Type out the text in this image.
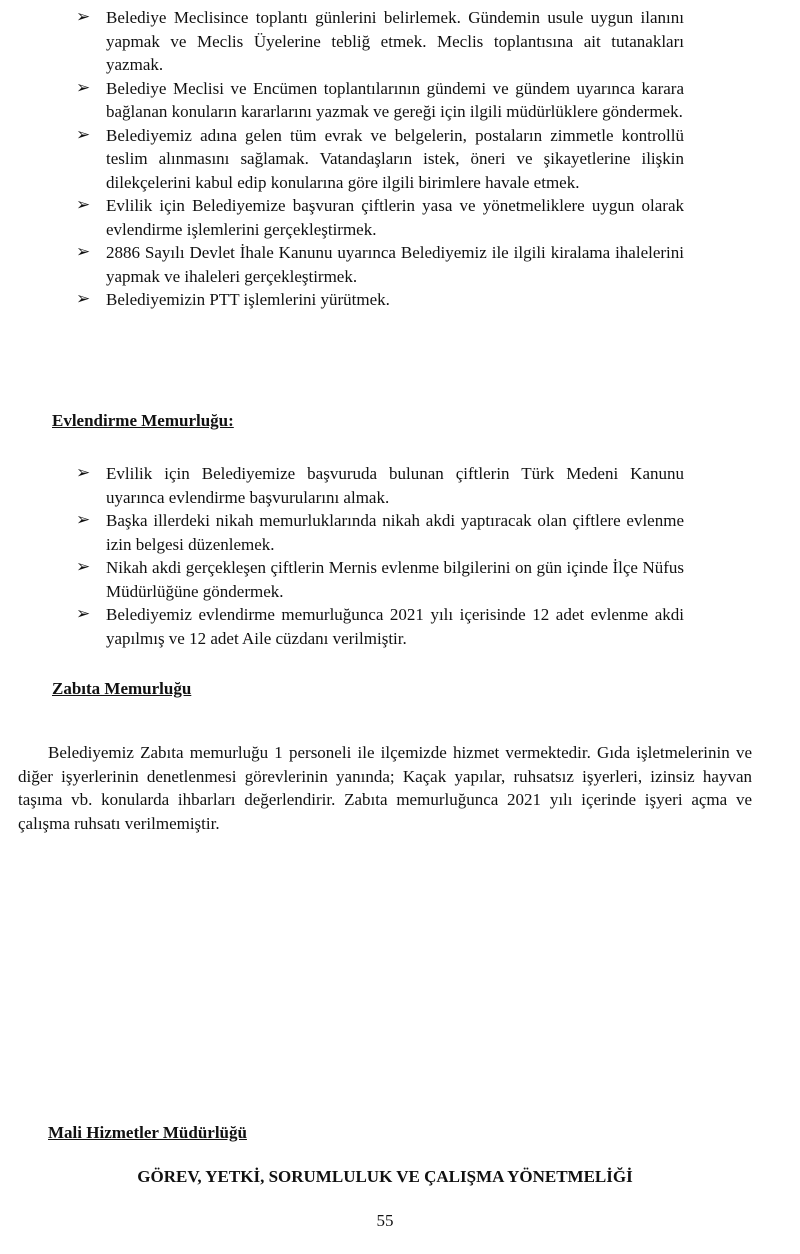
➢ Belediye Meclisince toplantı günlerini belirlemek. Gündemin usule uygun ilanını yapmak ve Meclis Üyelerine tebliğ etmek. Meclis toplantısına ait tutanakları yazmak.
➢ Belediye Meclisi ve Encümen toplantılarının gündemi ve gündem uyarınca karara bağlanan konuların kararlarını yazmak ve gereği için ilgili müdürlüklere göndermek.
➢ Belediyemiz adına gelen tüm evrak ve belgelerin, postaların zimmetle kontrollü teslim alınmasını sağlamak. Vatandaşların istek, öneri ve şikayetlerine ilişkin dilekçelerini kabul edip konularına göre ilgili birimlere havale etmek.
➢ Evlilik için Belediyemize başvuran çiftlerin yasa ve yönetmeliklere uygun olarak evlendirme işlemlerini gerçekleştirmek.
➢ 2886 Sayılı Devlet İhale Kanunu uyarınca Belediyemiz ile ilgili kiralama ihalelerini yapmak ve ihaleleri gerçekleştirmek.
➢ Belediyemizin PTT işlemlerini yürütmek.
Evlendirme Memurluğu:
➢ Evlilik için Belediyemize başvuruda bulunan çiftlerin Türk Medeni Kanunu uyarınca evlendirme başvurularını almak.
➢ Başka illerdeki nikah memurluklarında nikah akdi yaptıracak olan çiftlere evlenme izin belgesi düzenlemek.
➢ Nikah akdi gerçekleşen çiftlerin Mernis evlenme bilgilerini on gün içinde İlçe Nüfus Müdürlüğüne göndermek.
➢ Belediyemiz evlendirme memurluğunca 2021 yılı içerisinde 12 adet evlenme akdi yapılmış ve 12 adet Aile cüzdanı verilmiştir.
Zabıta Memurluğu

Belediyemiz Zabıta memurluğu 1 personeli ile ilçemizde hizmet vermektedir. Gıda işletmelerinin ve diğer işyerlerinin denetlenmesi görevlerinin yanında; Kaçak yapılar, ruhsatsız işyerleri, izinsiz hayvan taşıma vb. konularda ihbarları değerlendirir. Zabıta memurluğunca 2021 yılı içerinde işyeri açma ve çalışma ruhsatı verilmemiştir.

Mali Hizmetler Müdürlüğü

GÖREV, YETKİ, SORUMLULUK VE ÇALIŞMA YÖNETMELİĞİ

55
